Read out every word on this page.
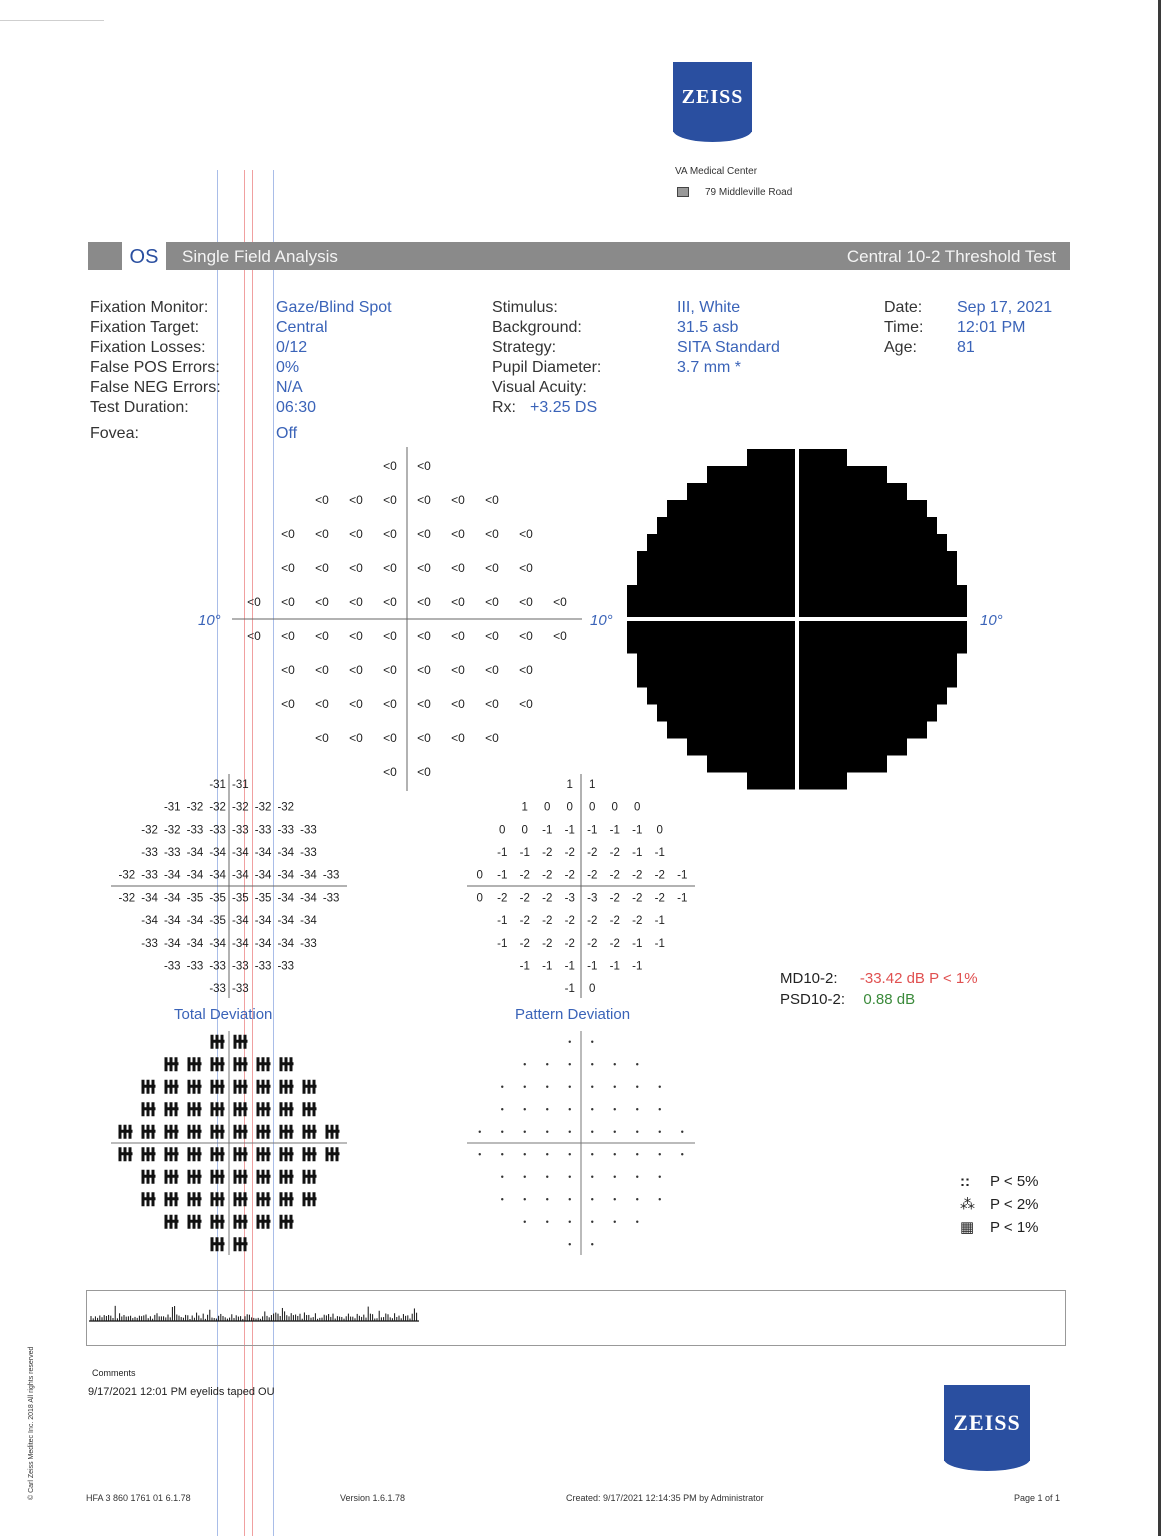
ZEISS
VA Medical Center
79 Middleville Road
OS	Single Field Analysis	Central 10-2 Threshold Test
Fixation Monitor:	Gaze/Blind Spot
Fixation Target:	Central
Fixation Losses:	0/12
False POS Errors:	0%
False NEG Errors:	N/A
Test Duration:	06:30
Fovea:	Off
Stimulus:	III, White
Background:	31.5 asb
Strategy:	SITA Standard
Pupil Diameter:	3.7 mm *
Visual Acuity:
Rx: +3.25 DS
Date: Sep 17, 2021
Time: 12:01 PM
Age:	81
<0 <0
<0 <0 <0 <0 <0 <0
<0 <0 <0 <0 <0 <0 <0 <0
<0 <0 <0 <0 <0 <0 <0 <0
<0 <0 <0 <0 <0 <0 <0 <0 <0 <0
<0 <0 <0 <0 <0 <0 <0 <0 <0 <0
<0 <0 <0 <0 <0 <0 <0 <0
<0 <0 <0 <0 <0 <0 <0 <0
<0 <0 <0 <0 <0 <0
<0 <0
-31 -31
-31 -32 -32 -32 -32 -32
-32 -32 -33 -33 -33 -33 -33 -33
-33 -33 -34 -34 -34 -34 -34 -33
-32 -33 -34 -34 -34 -34 -34 -34 -34 -33
-32 -34 -34 -35 -35 -35 -35 -34 -34 -33
-34 -34 -34 -35 -34 -34 -34 -34
-33 -34 -34 -34 -34 -34 -34 -33
-33 -33 -33 -33 -33 -33
-33 -33
1 1
1 0 0 0 0 0
0 0 -1 -1 -1 -1 -1 0
-1 -1 -2 -2 -2 -2 -1 -1
0 -1 -2 -2 -2 -2 -2 -2 -2 -1
0 -2 -2 -2 -3 -3 -2 -2 -2 -1
-1 -2 -2 -2 -2 -2 -2 -1
-1 -2 -2 -2 -2 -2 -1 -1
-1 -1 -1 -1 -1 -1
-1 0
10°	10°	10°
Total Deviation	Pattern Deviation
MD10-2: -33.42 dB P < 1%
PSD10-2: 0.88 dB
:: P < 5%
⁂ P < 2%
▦ P < 1%
Comments
9/17/2021 12:01 PM eyelids taped OU
ZEISS
HFA 3 860 1761 01 6.1.78	Version 1.6.1.78	Created: 9/17/2021 12:14:35 PM by Administrator	Page 1 of 1
© Carl Zeiss Meditec Inc. 2018 All rights reserved
